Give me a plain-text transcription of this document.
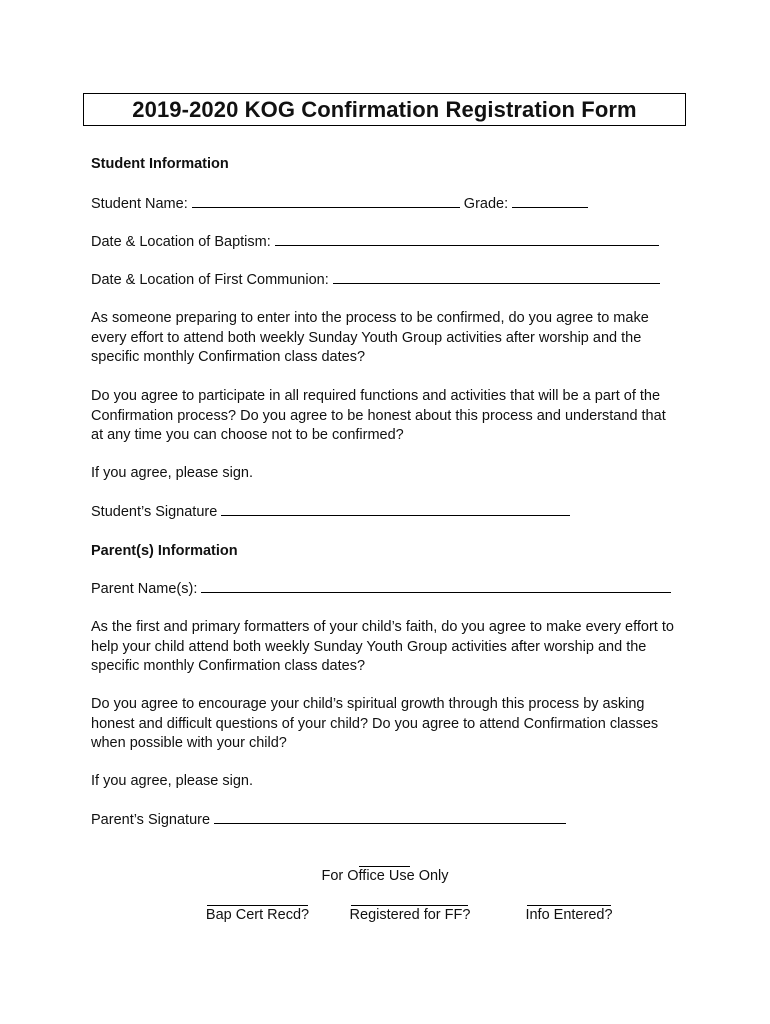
2019-2020 KOG Confirmation Registration Form
Student Information
Student Name:	Grade:
Date & Location of Baptism:
Date & Location of First Communion:
As someone preparing to enter into the process to be confirmed, do you agree to make every effort to attend both weekly Sunday Youth Group activities after worship and the specific monthly Confirmation class dates?
Do you agree to participate in all required functions and activities that will be a part of the Confirmation process? Do you agree to be honest about this process and understand that at any time you can choose not to be confirmed?
If you agree, please sign.
Student’s Signature
Parent(s) Information
Parent Name(s):
As the first and primary formatters of your child’s faith, do you agree to make every effort to help your child attend both weekly Sunday Youth Group activities after worship and the specific monthly Confirmation class dates?
Do you agree to encourage your child’s spiritual growth through this process by asking honest and difficult questions of your child? Do you agree to attend Confirmation classes when possible with your child?
If you agree, please sign.
Parent’s Signature
For Office Use Only
Bap Cert Recd?	Registered for FF?	Info Entered?
